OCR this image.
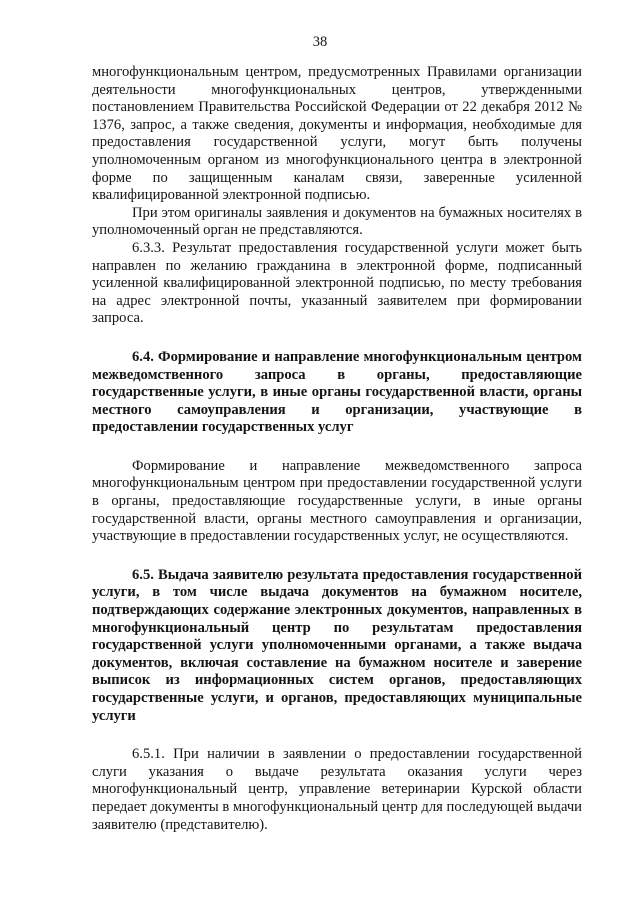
38

многофункциональным центром, предусмотренных Правилами организации деятельности многофункциональных центров, утвержденными постановлением Правительства Российской Федерации от 22 декабря 2012 № 1376, запрос, а также сведения, документы и информация, необходимые для предоставления государственной услуги, могут быть получены уполномоченным органом из многофункционального центра в электронной форме по защищенным каналам связи, заверенные усиленной квалифицированной электронной подписью.

При этом оригиналы заявления и документов на бумажных носителях в уполномоченный орган не представляются.

6.3.3. Результат предоставления государственной услуги может быть направлен по желанию гражданина в электронной форме, подписанный усиленной квалифицированной электронной подписью, по месту требования на адрес электронной почты, указанный заявителем при формировании запроса.

6.4. Формирование и направление многофункциональным центром межведомственного запроса в органы, предоставляющие государственные услуги, в иные органы государственной власти, органы местного самоуправления и организации, участвующие в предоставлении государственных услуг

Формирование и направление межведомственного запроса многофункциональным центром при предоставлении государственной услуги в органы, предоставляющие государственные услуги, в иные органы государственной власти, органы местного самоуправления и организации, участвующие в предоставлении государственных услуг, не осуществляются.

6.5. Выдача заявителю результата предоставления государственной услуги, в том числе выдача документов на бумажном носителе, подтверждающих содержание электронных документов, направленных в многофункциональный центр по результатам предоставления государственной услуги уполномоченными органами, а также выдача документов, включая составление на бумажном носителе и заверение выписок из информационных систем органов, предоставляющих государственные услуги, и органов, предоставляющих муниципальные услуги

6.5.1. При наличии в заявлении о предоставлении государственной слуги указания о выдаче результата оказания услуги через многофункциональный центр, управление ветеринарии Курской области передает документы в многофункциональный центр для последующей выдачи заявителю (представителю).
